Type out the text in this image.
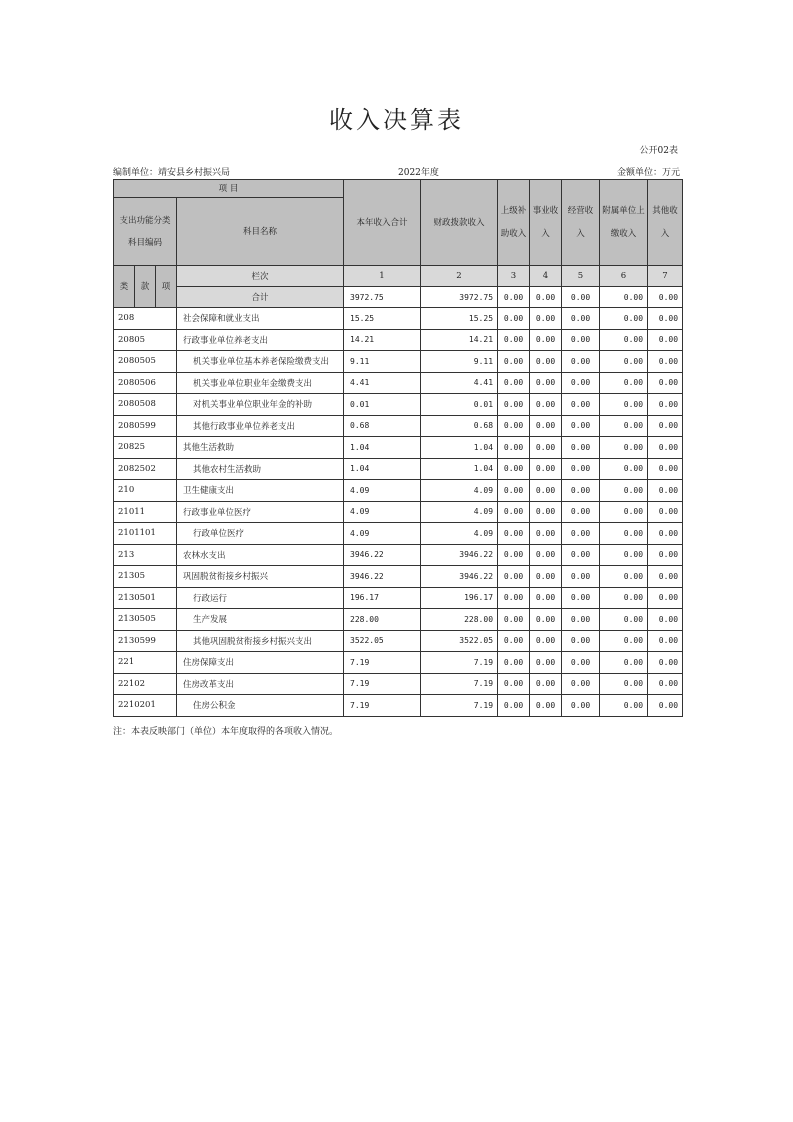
收入决算表
公开02表
编制单位：靖安县乡村振兴局	2022年度	金额单位：万元
项 目				本年收入合计	财政拨款收入	上级补助收入	事业收入	经营收入	附属单位上缴收入	其他收入
支出功能分类科目编码			科目名称							
类	款	项	栏次	1	2	3	4	5	6	7
			合计	3972.75	3972.75	0.00	0.00	0.00	0.00	0.00
208			社会保障和就业支出	15.25	15.25	0.00	0.00	0.00	0.00	0.00
20805			行政事业单位养老支出	14.21	14.21	0.00	0.00	0.00	0.00	0.00
2080505			机关事业单位基本养老保险缴费支出	9.11	9.11	0.00	0.00	0.00	0.00	0.00
2080506			机关事业单位职业年金缴费支出	4.41	4.41	0.00	0.00	0.00	0.00	0.00
2080508			对机关事业单位职业年金的补助	0.01	0.01	0.00	0.00	0.00	0.00	0.00
2080599			其他行政事业单位养老支出	0.68	0.68	0.00	0.00	0.00	0.00	0.00
20825			其他生活救助	1.04	1.04	0.00	0.00	0.00	0.00	0.00
2082502			其他农村生活救助	1.04	1.04	0.00	0.00	0.00	0.00	0.00
210			卫生健康支出	4.09	4.09	0.00	0.00	0.00	0.00	0.00
21011			行政事业单位医疗	4.09	4.09	0.00	0.00	0.00	0.00	0.00
2101101			行政单位医疗	4.09	4.09	0.00	0.00	0.00	0.00	0.00
213			农林水支出	3946.22	3946.22	0.00	0.00	0.00	0.00	0.00
21305			巩固脱贫衔接乡村振兴	3946.22	3946.22	0.00	0.00	0.00	0.00	0.00
2130501			行政运行	196.17	196.17	0.00	0.00	0.00	0.00	0.00
2130505			生产发展	228.00	228.00	0.00	0.00	0.00	0.00	0.00
2130599			其他巩固脱贫衔接乡村振兴支出	3522.05	3522.05	0.00	0.00	0.00	0.00	0.00
221			住房保障支出	7.19	7.19	0.00	0.00	0.00	0.00	0.00
22102			住房改革支出	7.19	7.19	0.00	0.00	0.00	0.00	0.00
2210201			住房公积金	7.19	7.19	0.00	0.00	0.00	0.00	0.00
注：本表反映部门（单位）本年度取得的各项收入情况。
